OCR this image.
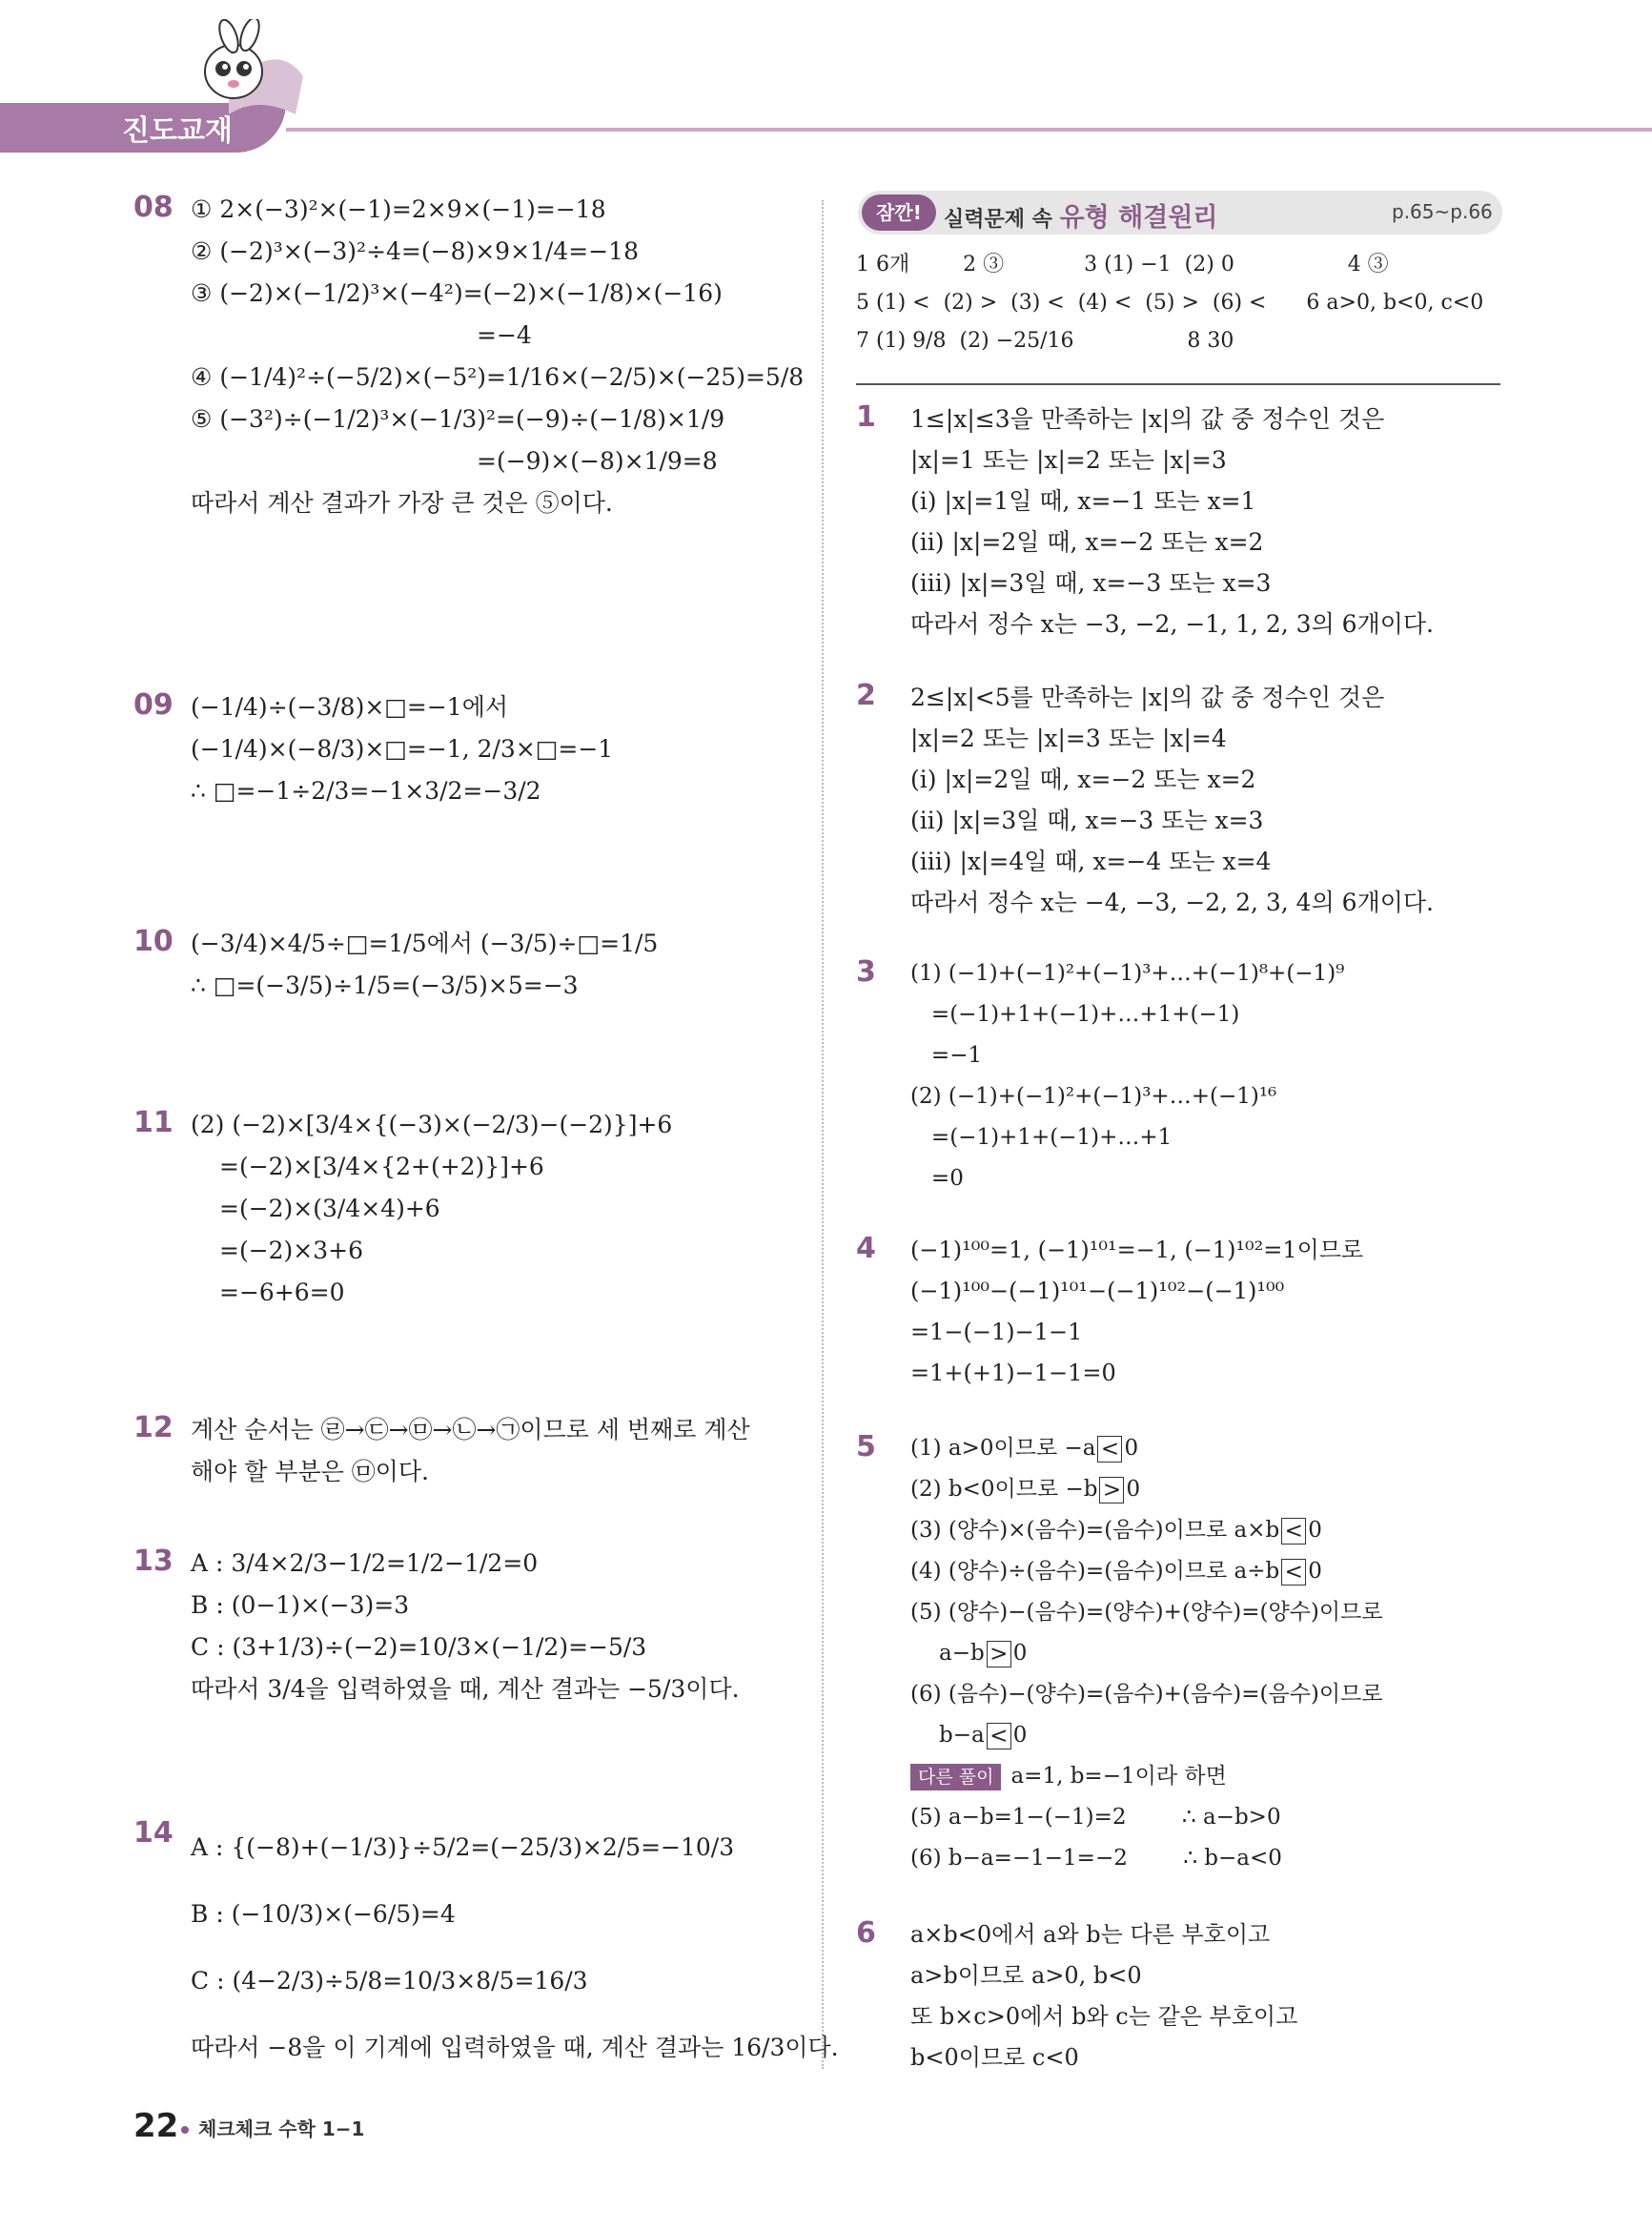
진도교재
08 ① 2×(−3)²×(−1)=2×9×(−1)=−18
② (−2)³×(−3)²÷4=(−8)×9×1/4=−18
③ (−2)×(−1/2)³×(−4²)=(−2)×(−1/8)×(−16)
=−4
④ (−1/4)²÷(−5/2)×(−5²)=1/16×(−2/5)×(−25)=5/8
⑤ (−3²)÷(−1/2)³×(−1/3)²=(−9)÷(−1/8)×1/9
=(−9)×(−8)×1/9=8
따라서 계산 결과가 가장 큰 것은 ⑤이다.
09 (−1/4)÷(−3/8)×□=−1에서
(−1/4)×(−8/3)×□=−1, 2/3×□=−1
∴ □=−1÷2/3=−1×3/2=−3/2
10 (−3/4)×4/5÷□=1/5에서 (−3/5)÷□=1/5
∴ □=(−3/5)÷1/5=(−3/5)×5=−3
11 (2) (−2)×[3/4×{(−3)×(−2/3)−(−2)}]+6
=(−2)×[3/4×{2+(+2)}]+6
=(−2)×(3/4×4)+6
=(−2)×3+6
=−6+6=0
12 계산 순서는 ㉣→㉢→㉤→㉡→㉠이므로 세 번째로 계산
해야 할 부분은 ㉤이다.
13 A : 3/4×2/3−1/2=1/2−1/2=0
B : (0−1)×(−3)=3
C : (3+1/3)÷(−2)=10/3×(−1/2)=−5/3
따라서 3/4을 입력하였을 때, 계산 결과는 −5/3이다.
14 A : {(−8)+(−1/3)}÷5/2=(−25/3)×2/5=−10/3
B : (−10/3)×(−6/5)=4
C : (4−2/3)÷5/8=10/3×8/5=16/3
따라서 −8을 이 기계에 입력하였을 때, 계산 결과는 16/3이다.
잠깐!	실력문제 속 유형 해결원리	p.65~p.66
1 6개        2 ③            3 (1) −1  (2) 0                 4 ③
5 (1) <  (2) >  (3) <  (4) <  (5) >  (6) <      6 a>0, b<0, c<0
7 (1) 9/8  (2) −25/16                 8 30
1 1≤|x|≤3을 만족하는 |x|의 값 중 정수인 것은
|x|=1 또는 |x|=2 또는 |x|=3
(ⅰ) |x|=1일 때, x=−1 또는 x=1
(ⅱ) |x|=2일 때, x=−2 또는 x=2
(ⅲ) |x|=3일 때, x=−3 또는 x=3
따라서 정수 x는 −3, −2, −1, 1, 2, 3의 6개이다.
2 2≤|x|<5를 만족하는 |x|의 값 중 정수인 것은
|x|=2 또는 |x|=3 또는 |x|=4
(ⅰ) |x|=2일 때, x=−2 또는 x=2
(ⅱ) |x|=3일 때, x=−3 또는 x=3
(ⅲ) |x|=4일 때, x=−4 또는 x=4
따라서 정수 x는 −4, −3, −2, 2, 3, 4의 6개이다.
3 (1) (−1)+(−1)²+(−1)³+…+(−1)⁸+(−1)⁹
=(−1)+1+(−1)+…+1+(−1)
=−1
(2) (−1)+(−1)²+(−1)³+…+(−1)¹⁶
=(−1)+1+(−1)+…+1
=0
4 (−1)¹⁰⁰=1, (−1)¹⁰¹=−1, (−1)¹⁰²=1이므로
(−1)¹⁰⁰−(−1)¹⁰¹−(−1)¹⁰²−(−1)¹⁰⁰
=1−(−1)−1−1
=1+(+1)−1−1=0
5 (1) a>0이므로 −a < 0
(2) b<0이므로 −b > 0
(3) (양수)×(음수)=(음수)이므로 a×b < 0
(4) (양수)÷(음수)=(음수)이므로 a÷b < 0
(5) (양수)−(음수)=(양수)+(양수)=(양수)이므로
a−b > 0
(6) (음수)−(양수)=(음수)+(음수)=(음수)이므로
b−a < 0
다른 풀이 a=1, b=−1이라 하면
(5) a−b=1−(−1)=2        ∴ a−b>0
(6) b−a=−1−1=−2        ∴ b−a<0
6 a×b<0에서 a와 b는 다른 부호이고
a>b이므로 a>0, b<0
또 b×c>0에서 b와 c는 같은 부호이고
b<0이므로 c<0
22 체크체크 수학 1−1
